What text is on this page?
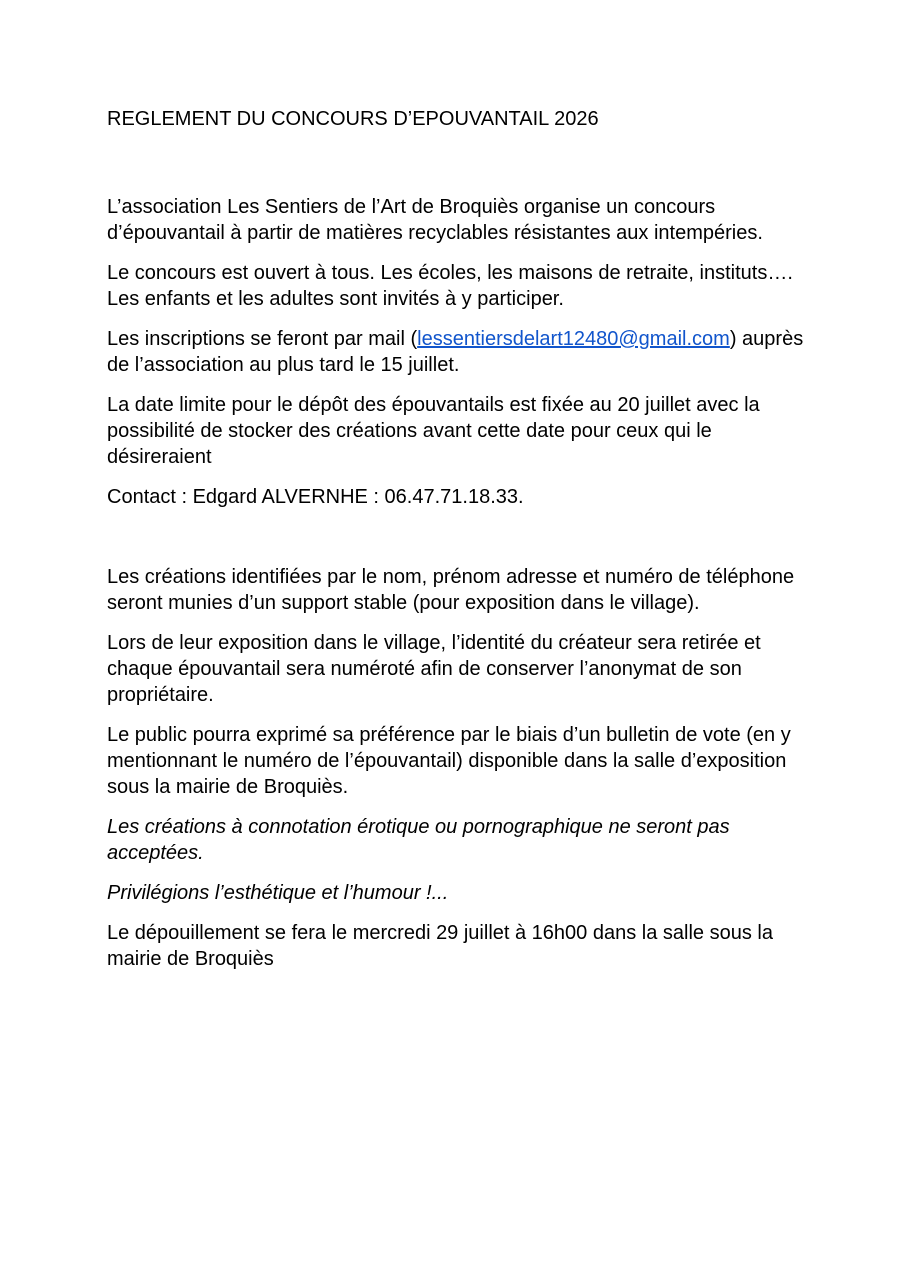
REGLEMENT DU CONCOURS D’EPOUVANTAIL 2026

L’association Les Sentiers de l’Art de Broquiès organise un concours d’épouvantail à partir de matières recyclables résistantes aux intempéries.

Le concours est ouvert à tous. Les écoles, les maisons de retraite, instituts…. Les enfants et les adultes sont invités à y participer.

Les inscriptions se feront par mail (lessentiersdelart12480@gmail.com) auprès de l’association au plus tard le 15 juillet.

La date limite pour le dépôt des épouvantails est fixée au 20 juillet avec la possibilité de stocker des créations avant cette date pour ceux qui le désireraient

Contact : Edgard ALVERNHE : 06.47.71.18.33.

Les créations identifiées par le nom, prénom adresse et numéro de téléphone seront munies d’un support stable (pour exposition dans le village).

Lors de leur exposition dans le village, l’identité du créateur sera retirée et chaque épouvantail sera numéroté afin de conserver l’anonymat de son propriétaire.

Le public pourra exprimé sa préférence par le biais d’un bulletin de vote (en y mentionnant le numéro de l’épouvantail) disponible dans la salle d’exposition sous la mairie de Broquiès.

Les créations à connotation érotique ou pornographique ne seront pas acceptées.

Privilégions l’esthétique et l’humour !...

Le dépouillement se fera le mercredi 29 juillet à 16h00 dans la salle sous la mairie de Broquiès
